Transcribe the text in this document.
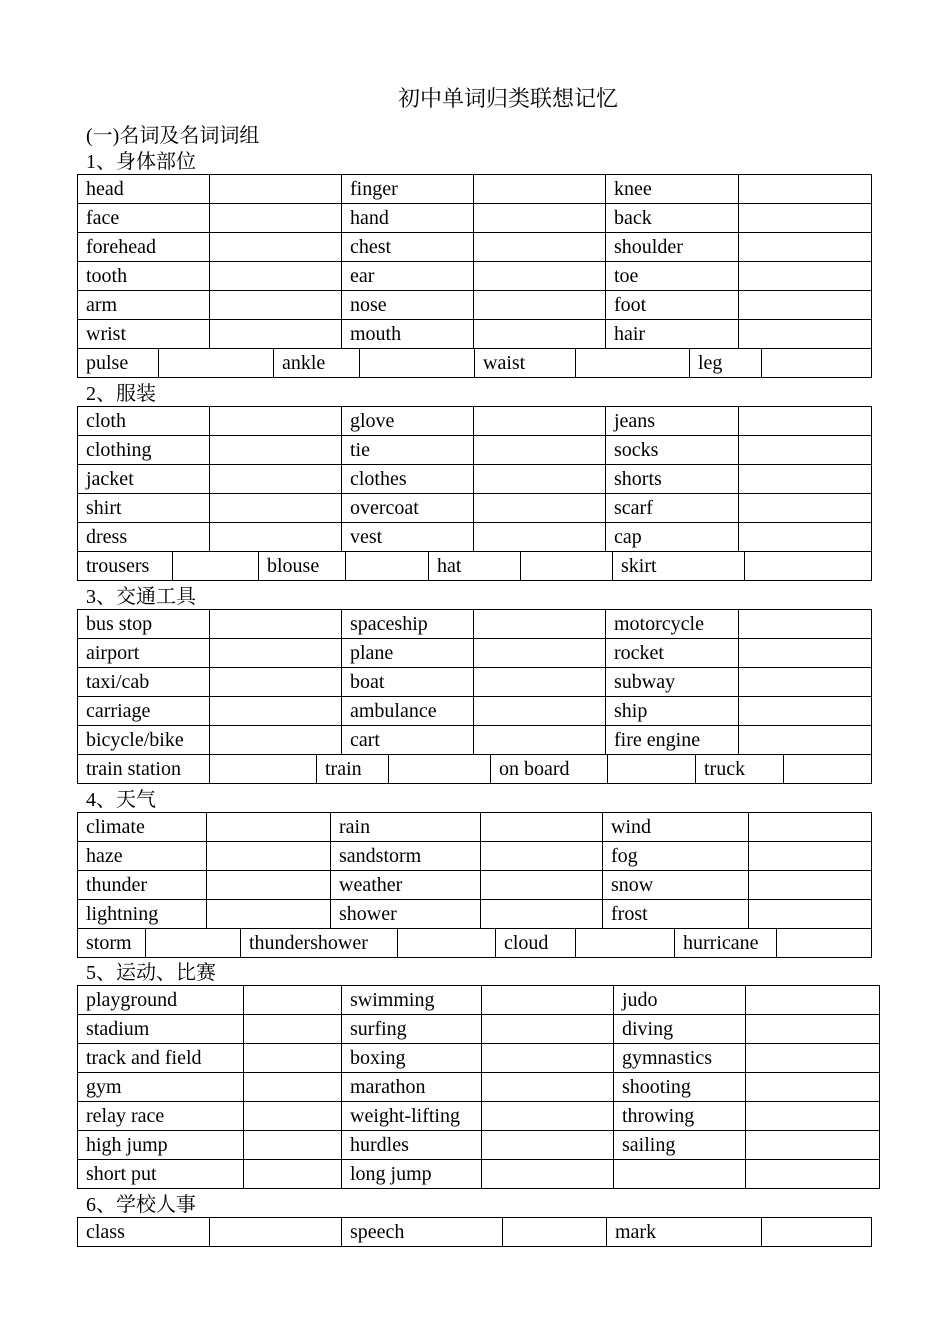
初中单词归类联想记忆
(一)名词及名词词组
1、身体部位
head		finger		knee	
face		hand		back	
forehead		chest		shoulder	
tooth		ear		toe	
arm		nose		foot	
wrist		mouth		hair	
pulse		ankle		waist		leg	
2、服装
cloth		glove		jeans	
clothing		tie		socks	
jacket		clothes		shorts	
shirt		overcoat		scarf	
dress		vest		cap	
trousers		blouse		hat		skirt	
3、交通工具
bus stop		spaceship		motorcycle	
airport		plane		rocket	
taxi/cab		boat		subway	
carriage		ambulance		ship	
bicycle/bike		cart		fire engine	
train station		train		on board		truck	
4、天气
climate		rain		wind	
haze		sandstorm		fog	
thunder		weather		snow	
lightning		shower		frost	
storm		thundershower		cloud		hurricane	
5、运动、比赛
playground		swimming		judo	
stadium		surfing		diving	
track and field		boxing		gymnastics	
gym		marathon		shooting	
relay race		weight-lifting		throwing	
high jump		hurdles		sailing	
short put		long jump			
6、学校人事
class		speech		mark	
